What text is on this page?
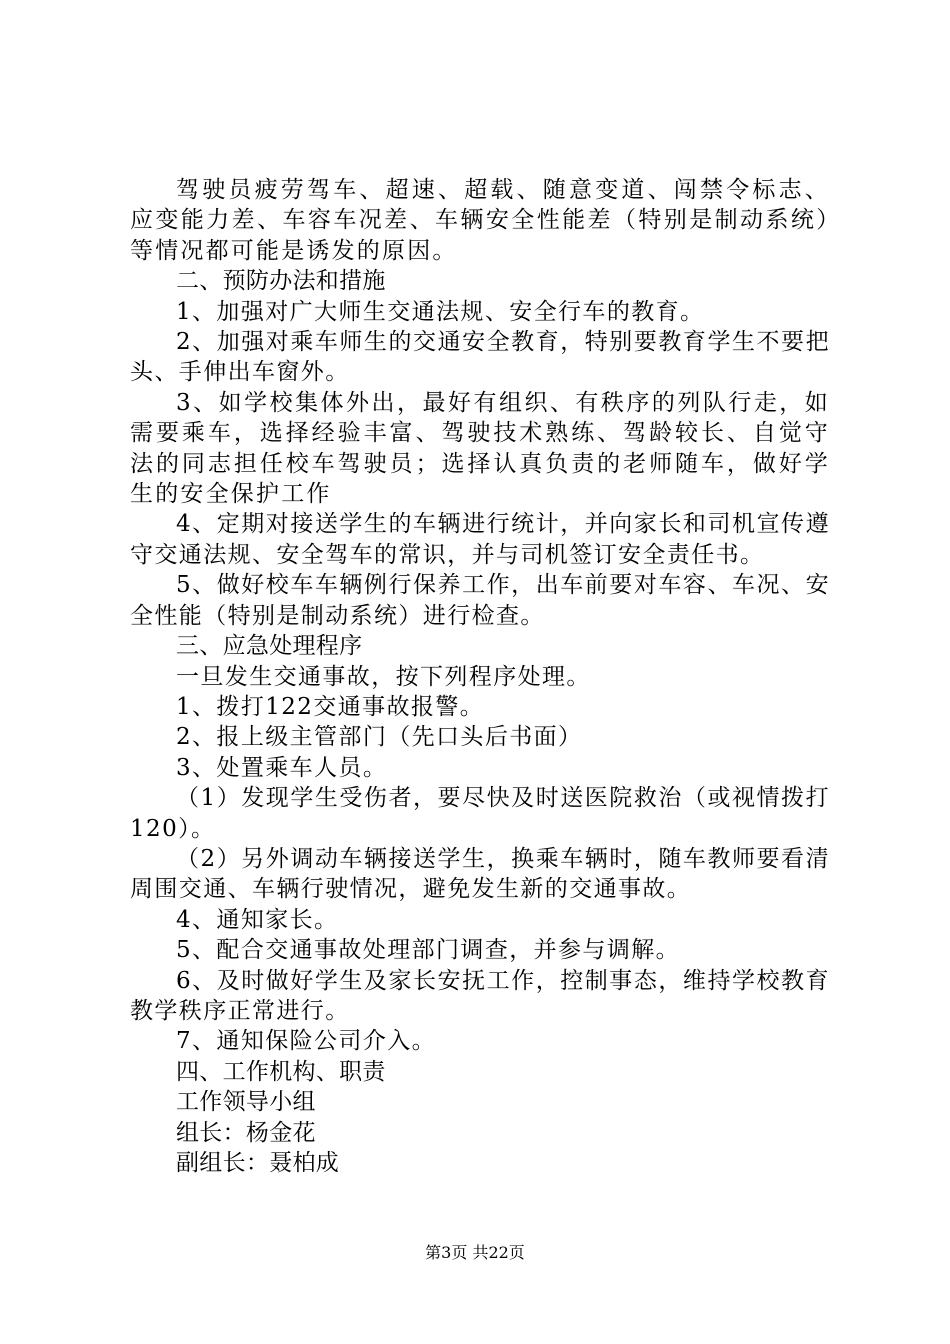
驾驶员疲劳驾车、超速、超载、随意变道、闯禁令标志、应变能力差、车容车况差、车辆安全性能差（特别是制动系统）等情况都可能是诱发的原因。

二、预防办法和措施

1、加强对广大师生交通法规、安全行车的教育。

2、加强对乘车师生的交通安全教育，特别要教育学生不要把头、手伸出车窗外。

3、如学校集体外出，最好有组织、有秩序的列队行走，如需要乘车，选择经验丰富、驾驶技术熟练、驾龄较长、自觉守法的同志担任校车驾驶员；选择认真负责的老师随车，做好学生的安全保护工作

4、定期对接送学生的车辆进行统计，并向家长和司机宣传遵守交通法规、安全驾车的常识，并与司机签订安全责任书。

5、做好校车车辆例行保养工作，出车前要对车容、车况、安全性能（特别是制动系统）进行检查。

三、应急处理程序

一旦发生交通事故，按下列程序处理。

1、拨打122交通事故报警。

2、报上级主管部门（先口头后书面）

3、处置乘车人员。

（1）发现学生受伤者，要尽快及时送医院救治（或视情拨打120）。

（2）另外调动车辆接送学生，换乘车辆时，随车教师要看清周围交通、车辆行驶情况，避免发生新的交通事故。

4、通知家长。

5、配合交通事故处理部门调查，并参与调解。

6、及时做好学生及家长安抚工作，控制事态，维持学校教育教学秩序正常进行。

7、通知保险公司介入。

四、工作机构、职责

工作领导小组

组长：杨金花

副组长：聂柏成

第3页 共22页
